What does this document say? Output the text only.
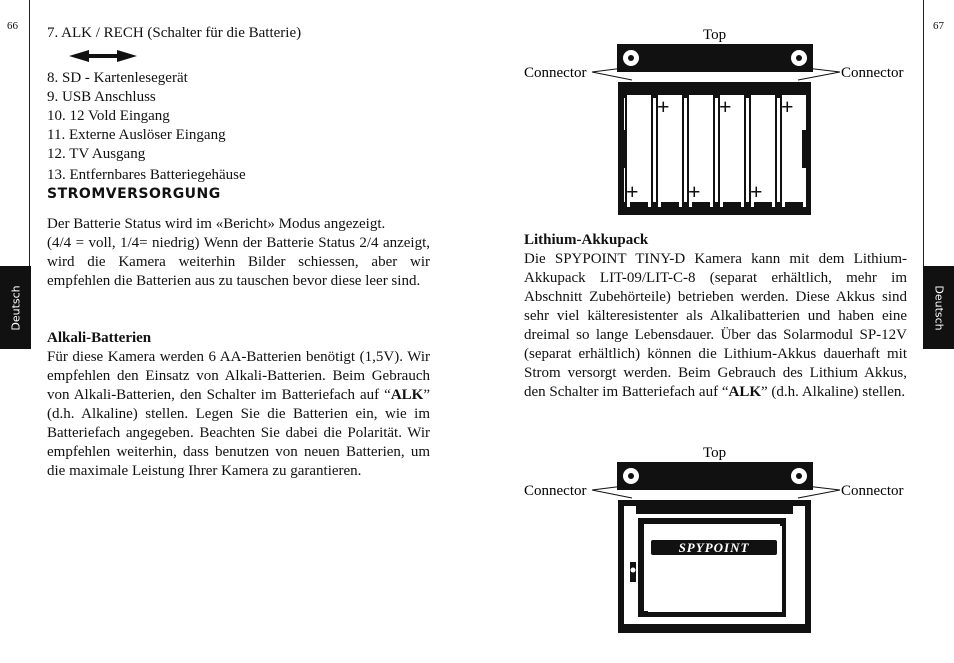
66
Deutsch
7. ALK / RECH (Schalter für die Batterie)
8. SD - Kartenlesegerät
9. USB Anschluss
10. 12 Vold Eingang
11. Externe Auslöser Eingang
12. TV Ausgang
13. Entfernbares Batteriegehäuse
STROMVERSORGUNG

Der Batterie Status wird im «Bericht» Modus angezeigt.

(4/4 = voll, 1/4= niedrig) Wenn der Batterie Status 2/4 anzeigt, wird die Kamera weiterhin Bilder schiessen, aber wir empfehlen die Batterien aus zu tauschen bevor diese leer sind.

Alkali-Batterien

Für diese Kamera werden 6 AA-Batterien benötigt (1,5V). Wir empfehlen den Einsatz von Alkali-Batterien. Beim Gebrauch von Alkali-Batterien, den Schalter im Batteriefach auf “ALK” (d.h. Alkaline) stellen. Legen Sie die Batterien ein, wie im Batteriefach angegeben. Beachten Sie dabei die Polarität. Wir empfehlen weiterhin, dass benutzen von neuen Batterien, um die maximale Leistung Ihrer Kamera zu garantieren.

67
Deutsch
Top
Connector	Connector
+ + +
+ + +

Lithium-Akkupack

Die SPYPOINT TINY-D Kamera kann mit dem Lithium-Akkupack LIT-09/LIT-C-8 (separat erhältlich, mehr im Abschnitt Zubehörteile) betrieben werden. Diese Akkus sind sehr viel kälteresistenter als Alkalibatterien und haben eine dreimal so lange Lebensdauer. Über das Solarmodul SP-12V (separat erhältlich) können die Lithium-Akkus dauerhaft mit Strom versorgt werden. Beim Gebrauch des Lithium Akkus, den Schalter im Batteriefach auf “ALK” (d.h. Alkaline) stellen.

Top
Connector	Connector
SPYPOINT
